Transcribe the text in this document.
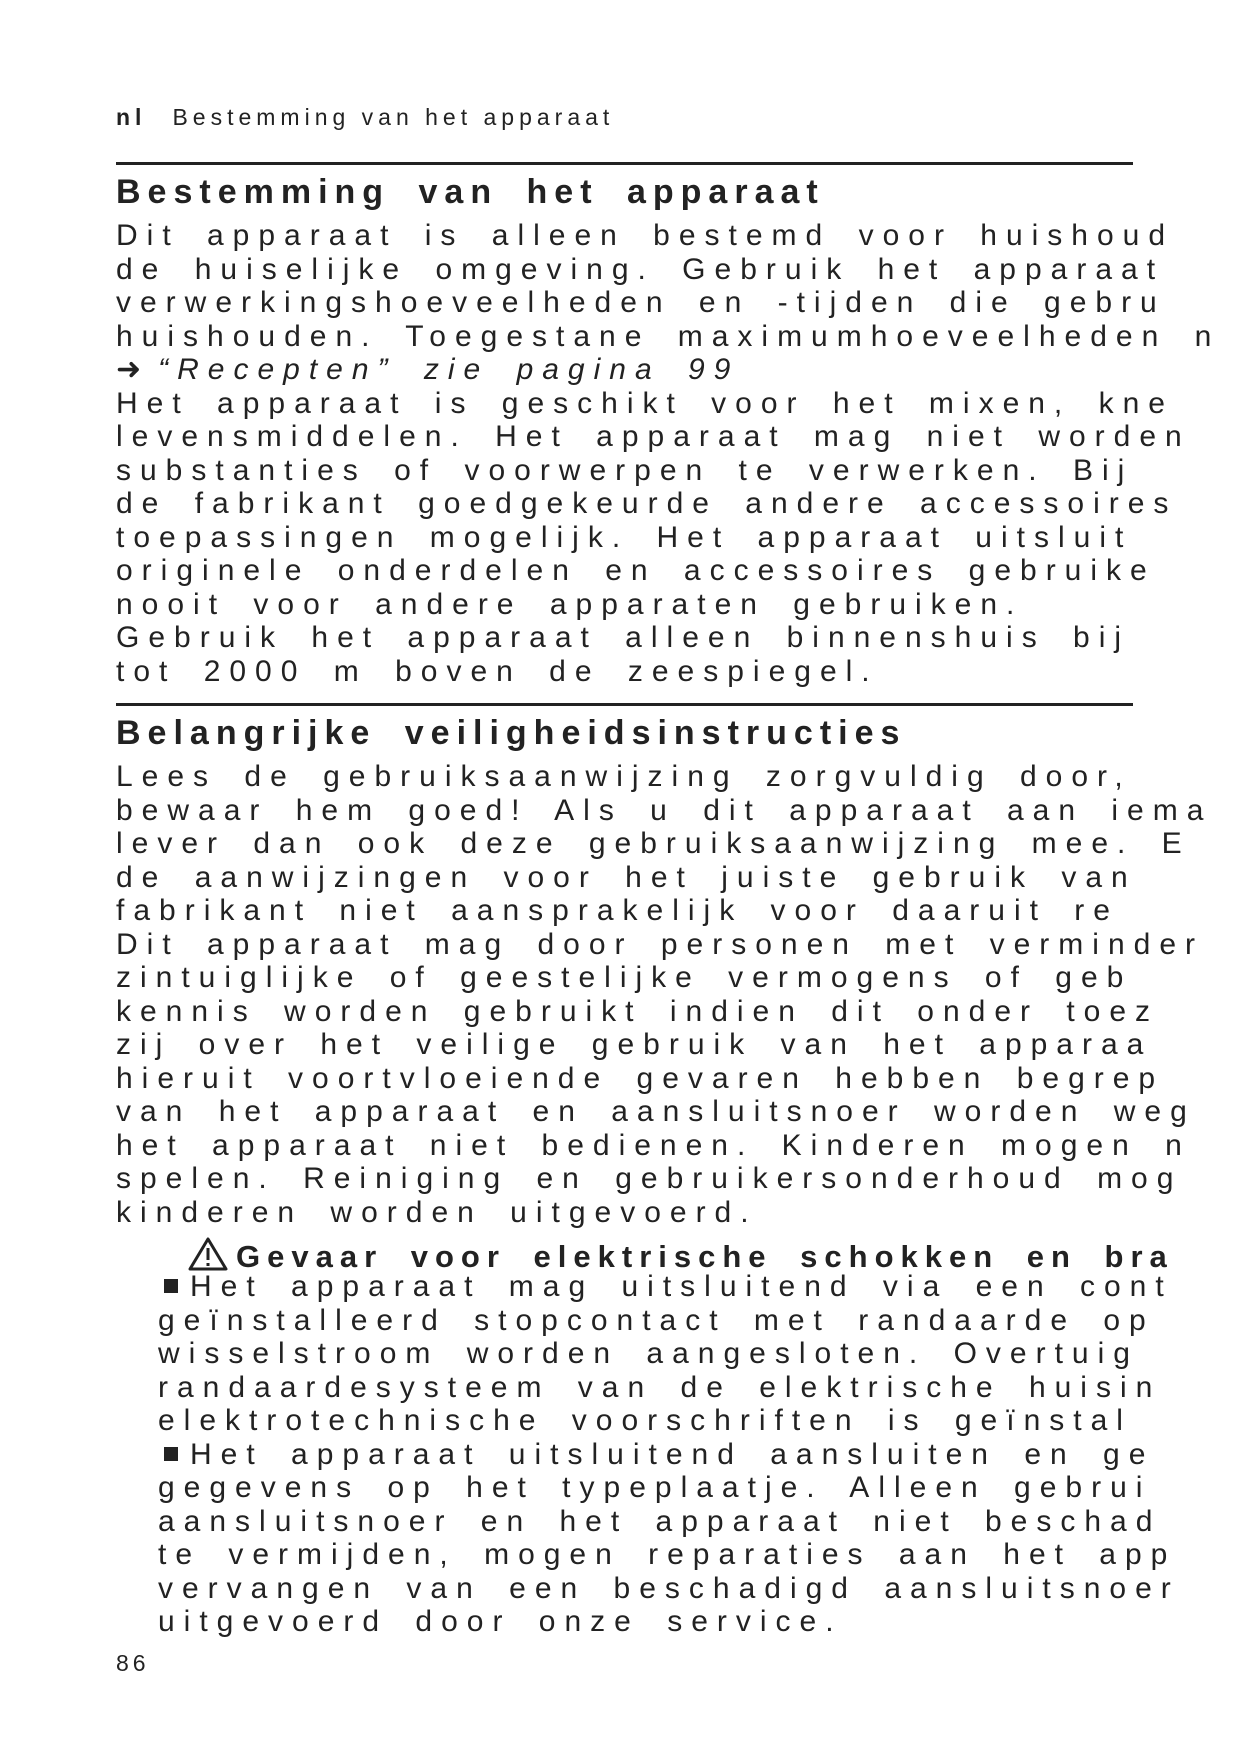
nl Bestemming van het apparaat
Bestemming van het apparaat
Dit apparaat is alleen bestemd voor huishoud
de huiselijke omgeving. Gebruik het apparaat
verwerkingshoeveelheden en -tijden die gebru
huishouden. Toegestane maximumhoeveelheden n
➜ “Recepten” zie pagina 99
Het apparaat is geschikt voor het mixen, kne
levensmiddelen. Het apparaat mag niet worden
substanties of voorwerpen te verwerken. Bij
de fabrikant goedgekeurde andere accessoires
toepassingen mogelijk. Het apparaat uitsluit
originele onderdelen en accessoires gebruike
nooit voor andere apparaten gebruiken.
Gebruik het apparaat alleen binnenshuis bij
tot 2000 m boven de zeespiegel.
Belangrijke veiligheidsinstructies
Lees de gebruiksaanwijzing zorgvuldig door,
bewaar hem goed! Als u dit apparaat aan iema
lever dan ook deze gebruiksaanwijzing mee. E
de aanwijzingen voor het juiste gebruik van
fabrikant niet aansprakelijk voor daaruit re
Dit apparaat mag door personen met verminder
zintuiglijke of geestelijke vermogens of geb
kennis worden gebruikt indien dit onder toez
zij over het veilige gebruik van het apparaa
hieruit voortvloeiende gevaren hebben begrep
van het apparaat en aansluitsnoer worden weg
het apparaat niet bedienen. Kinderen mogen n
spelen. Reiniging en gebruikersonderhoud mog
kinderen worden uitgevoerd.
Gevaar voor elektrische schokken en bra
Het apparaat mag uitsluitend via een cont
geïnstalleerd stopcontact met randaarde op
wisselstroom worden aangesloten. Overtuig
randaardesysteem van de elektrische huisin
elektrotechnische voorschriften is geïnstal
Het apparaat uitsluitend aansluiten en ge
gegevens op het typeplaatje. Alleen gebrui
aansluitsnoer en het apparaat niet beschad
te vermijden, mogen reparaties aan het app
vervangen van een beschadigd aansluitsnoer
uitgevoerd door onze service.
86
